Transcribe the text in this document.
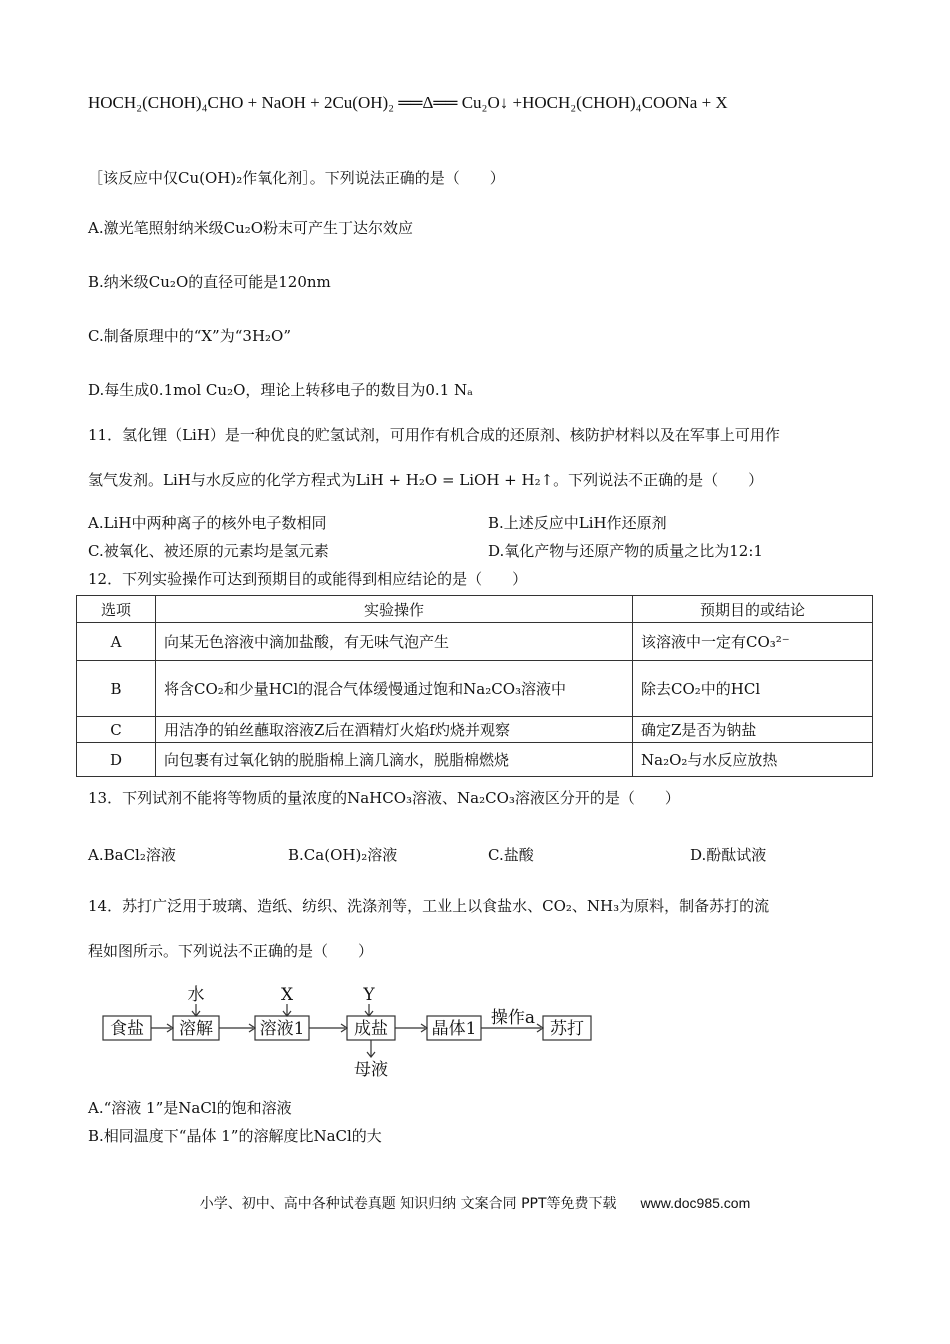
HOCH₂(CHOH)₄CHO + NaOH + 2Cu(OH)₂ ══Δ══ Cu₂O↓ +HOCH₂(CHOH)₄COONa + X
［该反应中仅Cu(OH)₂作氧化剂］。下列说法正确的是（　　）
A.激光笔照射纳米级Cu₂O粉末可产生丁达尔效应
B.纳米级Cu₂O的直径可能是120nm
C.制备原理中的“X”为“3H₂O”
D.每生成0.1mol Cu₂O，理论上转移电子的数目为0.1 Nₐ
11．氢化锂（LiH）是一种优良的贮氢试剂，可用作有机合成的还原剂、核防护材料以及在军事上可用作
氢气发剂。LiH与水反应的化学方程式为LiH + H₂O = LiOH + H₂↑。下列说法不正确的是（　　）
A.LiH中两种离子的核外电子数相同	B.上述反应中LiH作还原剂
C.被氧化、被还原的元素均是氢元素	D.氧化产物与还原产物的质量之比为12:1
12．下列实验操作可达到预期目的或能得到相应结论的是（　　）
选项	实验操作	预期目的或结论
A	向某无色溶液中滴加盐酸，有无味气泡产生	该溶液中一定有CO₃²⁻
B	将含CO₂和少量HCl的混合气体缓慢通过饱和Na₂CO₃溶液中	除去CO₂中的HCl
C	用洁净的铂丝蘸取溶液Z后在酒精灯火焰f灼烧并观察	确定Z是否为钠盐
D	向包裹有过氧化钠的脱脂棉上滴几滴水，脱脂棉燃烧	Na₂O₂与水反应放热
13．下列试剂不能将等物质的量浓度的NaHCO₃溶液、Na₂CO₃溶液区分开的是（　　）
A.BaCl₂溶液	B.Ca(OH)₂溶液	C.盐酸	D.酚酞试液
14．苏打广泛用于玻璃、造纸、纺织、洗涤剂等，工业上以食盐水、CO₂、NH₃为原料，制备苏打的流
程如图所示。下列说法不正确的是（　　）
食盐 溶解
水
溶液1
X
成盐
Y
母液
晶体1
操作a
苏打
A.“溶液 1”是NaCl的饱和溶液
B.相同温度下“晶体 1”的溶解度比NaCl的大
小学、初中、高中各种试卷真题 知识归纳 文案合同 PPT等免费下载 www.doc985.com
